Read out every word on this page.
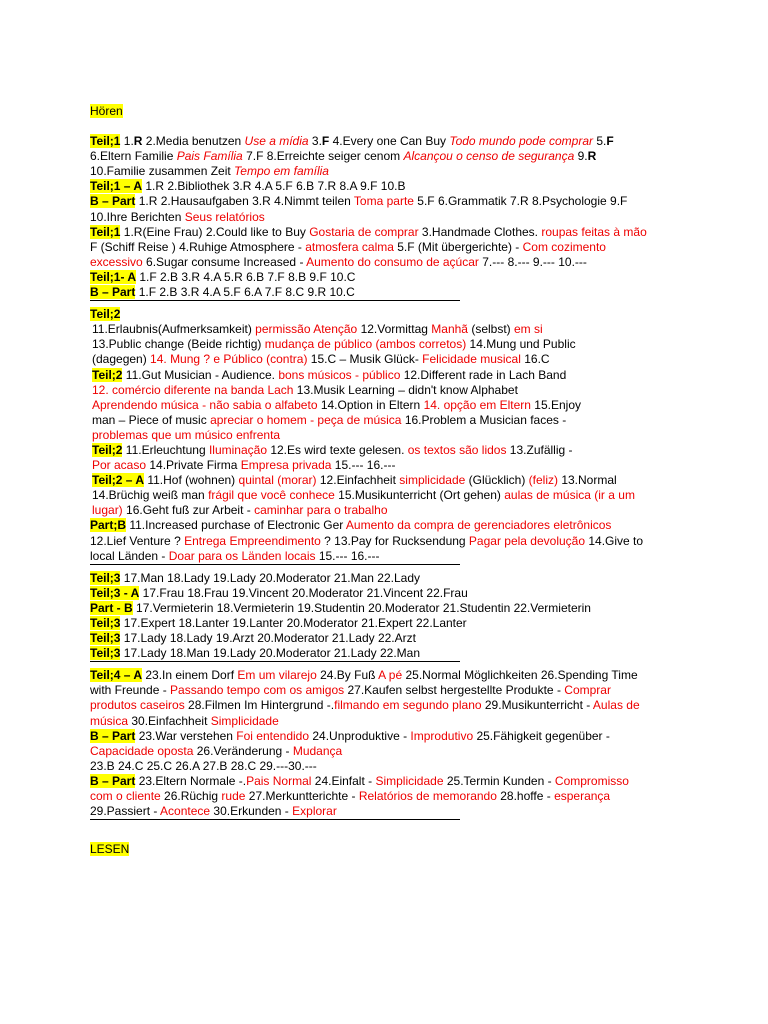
Hören

Teil;1 1.R 2.Media benutzen Use a mídia 3.F 4.Every one Can Buy Todo mundo pode comprar 5.F

6.Eltern Familie Pais Família 7.F 8.Erreichte seiger cenom Alcançou o censo de segurança 9.R

10.Familie zusammen Zeit Tempo em família

Teil;1 – A 1.R 2.Bibliothek 3.R 4.A 5.F 6.B 7.R 8.A 9.F 10.B

B – Part 1.R 2.Hausaufgaben 3.R 4.Nimmt teilen Toma parte 5.F 6.Grammatik 7.R 8.Psychologie 9.F

10.Ihre Berichten Seus relatórios

Teil;1 1.R(Eine Frau) 2.Could like to Buy Gostaria de comprar 3.Handmade Clothes. roupas feitas à mão

F (Schiff Reise ) 4.Ruhige Atmosphere - atmosfera calma 5.F (Mit übergerichte) - Com cozimento

excessivo 6.Sugar consume Increased - Aumento do consumo de açúcar 7.--- 8.--- 9.--- 10.---

Teil;1- A 1.F 2.B 3.R 4.A 5.R 6.B 7.F 8.B 9.F 10.C

B – Part 1.F 2.B 3.R 4.A 5.F 6.A 7.F 8.C 9.R 10.C

Teil;2

11.Erlaubnis(Aufmerksamkeit) permissão Atenção 12.Vormittag Manhã (selbst) em si

13.Public change (Beide richtig) mudança de público (ambos corretos) 14.Mung und Public

(dagegen) 14. Mung ? e Público (contra) 15.C – Musik Glück- Felicidade musical 16.C

Teil;2 11.Gut Musician - Audience. bons músicos - público 12.Different rade in Lach Band

12. comércio diferente na banda Lach 13.Musik Learning – didn't know Alphabet

Aprendendo música - não sabia o alfabeto 14.Option in Eltern 14. opção em Eltern 15.Enjoy

man – Piece of music apreciar o homem - peça de música 16.Problem a Musician faces -

problemas que um músico enfrenta

Teil;2 11.Erleuchtung Iluminação 12.Es wird texte gelesen. os textos são lidos 13.Zufällig -

Por acaso 14.Private Firma Empresa privada 15.--- 16.---

Teil;2 – A 11.Hof (wohnen) quintal (morar) 12.Einfachheit simplicidade (Glücklich) (feliz) 13.Normal

14.Brüchig weiß man frágil que você conhece 15.Musikunterricht (Ort gehen) aulas de música (ir a um

lugar) 16.Geht fuß zur Arbeit - caminhar para o trabalho

Part;B 11.Increased purchase of Electronic Ger Aumento da compra de gerenciadores eletrônicos

12.Lief Venture ? Entrega Empreendimento ? 13.Pay for Rucksendung Pagar pela devolução 14.Give to

local Länden - Doar para os Länden locais 15.--- 16.---

Teil;3 17.Man 18.Lady 19.Lady 20.Moderator 21.Man 22.Lady

Teil;3 - A 17.Frau 18.Frau 19.Vincent 20.Moderator 21.Vincent 22.Frau

Part - B 17.Vermieterin 18.Vermieterin 19.Studentin 20.Moderator 21.Studentin 22.Vermieterin

Teil;3 17.Expert 18.Lanter 19.Lanter 20.Moderator 21.Expert 22.Lanter

Teil;3 17.Lady 18.Lady 19.Arzt 20.Moderator 21.Lady 22.Arzt

Teil;3 17.Lady 18.Man 19.Lady 20.Moderator 21.Lady 22.Man

Teil;4 – A 23.In einem Dorf Em um vilarejo 24.By Fuß A pé 25.Normal Möglichkeiten 26.Spending Time

with Freunde - Passando tempo com os amigos 27.Kaufen selbst hergestellte Produkte - Comprar

produtos caseiros 28.Filmen Im Hintergrund -.filmando em segundo plano 29.Musikunterricht - Aulas de

música 30.Einfachheit Simplicidade

B – Part 23.War verstehen Foi entendido 24.Unproduktive - Improdutivo 25.Fähigkeit gegenüber -

Capacidade oposta 26.Veränderung - Mudança

23.B 24.C 25.C 26.A 27.B 28.C 29.---30.---

B – Part 23.Eltern Normale -.Pais Normal 24.Einfalt - Simplicidade 25.Termin Kunden - Compromisso

com o cliente 26.Rüchig rude 27.Merkuntterichte - Relatórios de memorando 28.hoffe - esperança

29.Passiert - Acontece 30.Erkunden - Explorar

LESEN
